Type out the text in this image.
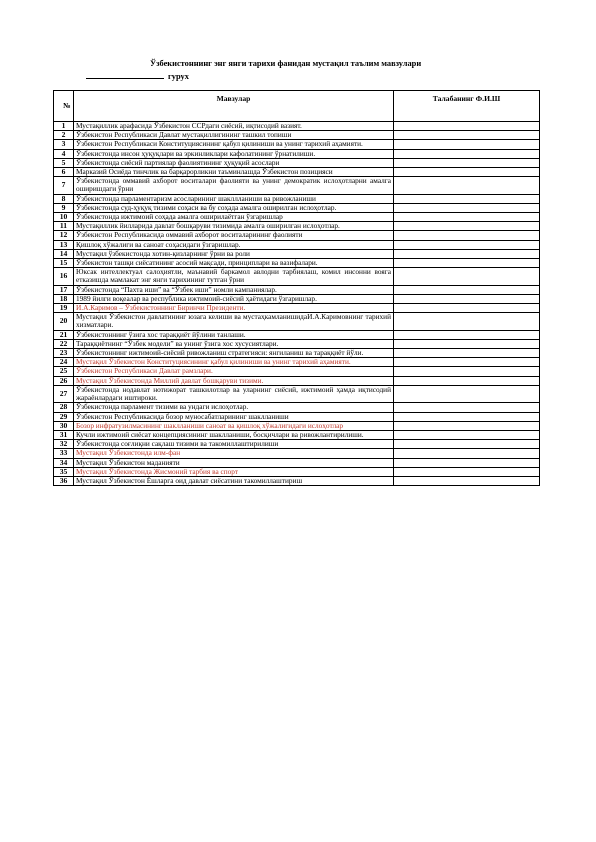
Ўзбекистоннинг энг янги тарихи фанидан мустақил таълим мавзулари
гурух
№	Мавзулар	Талабанинг Ф.И.Ш
1	Мустақиллик арафасида Ўзбекистон ССРдаги сиёсий, иқтисодий вазият.	
2	Ўзбекистон Республикаси Давлат мустақиллигининг ташкил топиши	
3	Ўзбекистон Республикаси Конституциясининг қабул қилиниши ва унинг тарихий аҳамияти.	
4	Ўзбекистонда инсон ҳуқуқлари ва эркинликлари кафолатининг ўрнатилиши.	
5	Ўзбекистонда сиёсий партиялар фаолиятининг ҳуқуқий асослари	
6	Марказий Осиёда тинчлик ва барқарорликни таъминлашда Ўзбекистон позицияси	
7	Ўзбекистонда оммавий ахборот воситалари фаолияти ва унинг демократик ислоҳотларни амалга оширишдаги ўрни	
8	Ўзбекистонда парламентаризм асосларининг шакллланиши ва ривожланиши	
9	Ўзбекистонда суд-ҳуқуқ тизими соҳаси ва бу соҳада амалга оширилган ислоҳотлар.	
10	Ўзбекистонда ижтимоий соҳада амалга оширилаётган ўзгаришлар	
11	Мустақиллик йилларида давлат бошқаруви тизимида амалга оширилган ислоҳотлар.	
12	Ўзбекистон Республикасида оммавий ахборот воситаларининг фаолияти	
13	Қишлоқ хўжалиги ва саноат соҳасидаги ўзгаришлар.	
14	Мустақил ўзбекистонда хотин-қизларнинг ўрни ва роли	
15	Ўзбекистон ташқи сиёсатининг асосий мақсади, принциплари ва вазифалари.	
16	Юксак интеллектуал салоҳиятли, маънавий баркамол авлодни тарбиялаш, комил инсонни вояга етказишда мамлакат энг янги тарихининг тутган ўрни	
17	Ўзбекистонда “Пахта иши” ва “Ўзбек иши” номли кампаниялар.	
18	1989 йилги воқеалар ва республика ижтимоий-сиёсий ҳаётидаги ўзгаришлар.	
19	И.А.Каримов – Ўзбекистоннинг Биринчи Президенти.	
20	Мустақил Ўзбекистон давлатининг юзага келиши ва мустаҳкамланишидаИ.А.Каримовнинг тарихий хизматлари.	
21	Ўзбекистоннинг ўзига хос тараққиёт йўлини танлаши.	
22	Тараққиётнинг “Ўзбек модели” ва унинг ўзига хос хусусиятлари.	
23	Ўзбекистоннинг ижтимоий-сиёсий ривожланиш стратегияси: янгиланиш ва тараққиёт йўли.	
24	Мустақил Ўзбекистон Конституциясининг қабул қилиниши ва унинг тарихий аҳамияти.	
25	Ўзбекистон Республикаси Давлат рамзлари.	
26	Мустақил Ўзбекистонда Миллий давлат бошқаруви тизими.	
27	Ўзбекистонда нодавлат нотижорат ташкилотлар ва уларнинг сиёсий, ижтимоий ҳамда иқтисодий жараёнлардаги иштироки.	
28	Ўзбекистонда парламент тизими ва ундаги ислоҳотлар.	
29	Ўзбекистон Республикасида бозор муносабатларининг шаклланиши	
30	Бозор инфратузилмасининг шаклланиши саноат ва қишлоқ хўжалигидаги ислоҳотлар	
31	Кучли ижтимоий сиёсат концепциясининг шаклланиши, босқичлари ва ривожлантирилиши.	
32	Ўзбекистонда соғлиқни сақлаш тизими ва такомиллаштирилиши	
33	Мустақил Ўзбекистонда илм-фан	
34	Мустақил Ўзбекистон маданияти	
35	Мустақил Ўзбекистонда Жисмоний тарбия ва спорт	
36	Мустақил Ўзбекистон Ёшларга оид давлат сиёсатини такомиллаштириш	
